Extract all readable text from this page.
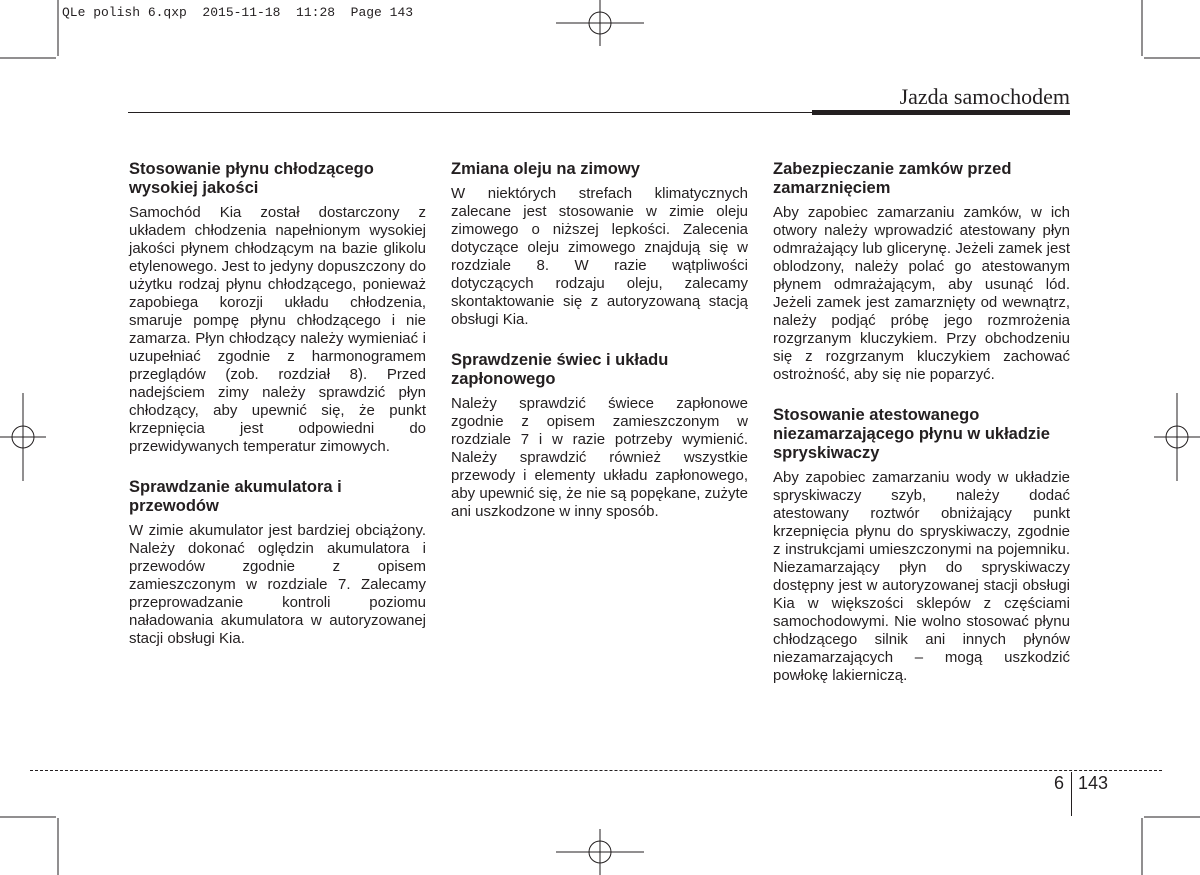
QLe polish 6.qxp  2015-11-18  11:28  Page 143
Jazda samochodem
Stosowanie płynu chłodzącego wysokiej jakości

Samochód Kia został dostarczony z układem chłodzenia napełnionym wysokiej jakości płynem chłodzącym na bazie glikolu etylenowego. Jest to jedyny dopuszczony do użytku rodzaj płynu chłodzącego, ponieważ zapobiega korozji układu chłodzenia, smaruje pompę płynu chłodzącego i nie zamarza. Płyn chłodzący należy wymieniać i uzupełniać zgodnie z harmonogramem przeglądów (zob. rozdział 8). Przed nadejściem zimy należy sprawdzić płyn chłodzący, aby upewnić się, że punkt krzepnięcia jest odpowiedni do przewidywanych temperatur zimowych.

Sprawdzanie akumulatora i przewodów

W zimie akumulator jest bardziej obciążony. Należy dokonać oględzin akumulatora i przewodów zgodnie z opisem zamieszczonym w rozdziale 7. Zalecamy przeprowadzanie kontroli poziomu naładowania akumulatora w autoryzowanej stacji obsługi Kia.

Zmiana oleju na zimowy

W niektórych strefach klimatycznych zalecane jest stosowanie w zimie oleju zimowego o niższej lepkości. Zalecenia dotyczące oleju zimowego znajdują się w rozdziale 8. W razie wątpliwości dotyczących rodzaju oleju, zalecamy skontaktowanie się z autoryzowaną stacją obsługi Kia.

Sprawdzenie świec i układu zapłonowego

Należy sprawdzić świece zapłonowe zgodnie z opisem zamieszczonym w rozdziale 7 i w razie potrzeby wymienić. Należy sprawdzić również wszystkie przewody i elementy układu zapłonowego, aby upewnić się, że nie są popękane, zużyte ani uszkodzone w inny sposób.

Zabezpieczanie zamków przed zamarznięciem

Aby zapobiec zamarzaniu zamków, w ich otwory należy wprowadzić atestowany płyn odmrażający lub glicerynę. Jeżeli zamek jest oblodzony, należy polać go atestowanym płynem odmrażającym, aby usunąć lód. Jeżeli zamek jest zamarznięty od wewnątrz, należy podjąć próbę jego rozmrożenia rozgrzanym kluczykiem. Przy obchodzeniu się z rozgrzanym kluczykiem zachować ostrożność, aby się nie poparzyć.

Stosowanie atestowanego niezamarzającego płynu w układzie spryskiwaczy

Aby zapobiec zamarzaniu wody w układzie spryskiwaczy szyb, należy dodać atestowany roztwór obniżający punkt krzepnięcia płynu do spryskiwaczy, zgodnie z instrukcjami umieszczonymi na pojemniku. Niezamarzający płyn do spryskiwaczy dostępny jest w autoryzowanej stacji obsługi Kia w większości sklepów z częściami samochodowymi. Nie wolno stosować płynu chłodzącego silnik ani innych płynów niezamarzających – mogą uszkodzić powłokę lakierniczą.

6 143
